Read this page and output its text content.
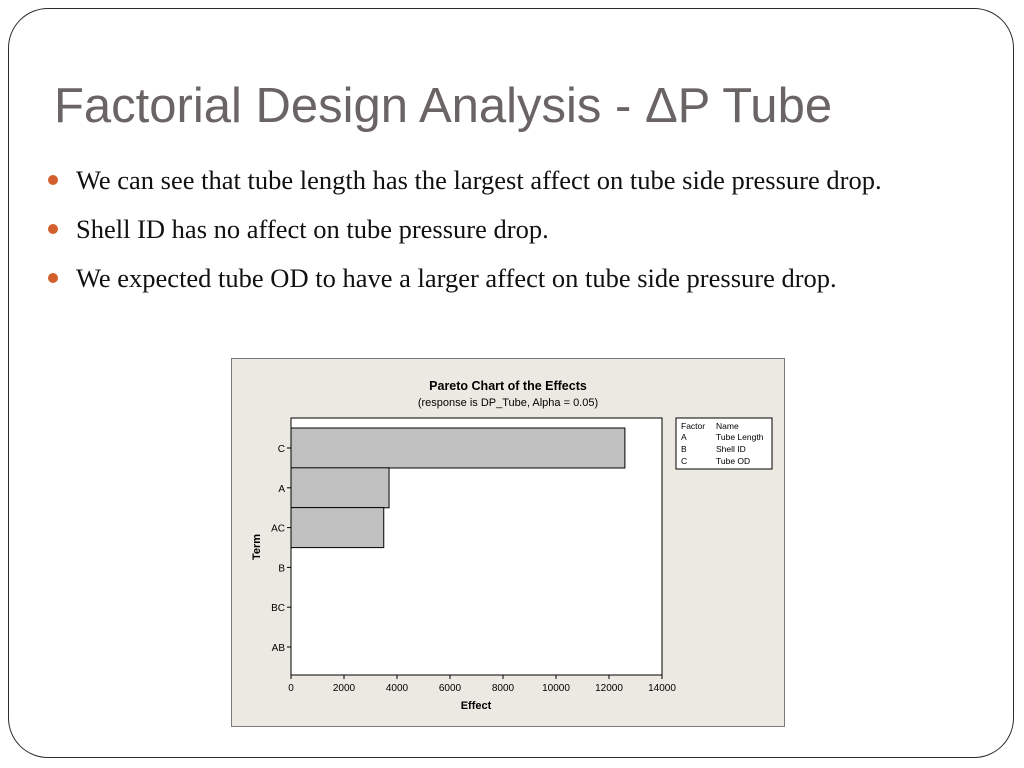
Factorial Design Analysis - ΔP Tube
We can see that tube length has the largest affect on tube side pressure drop.
Shell ID has no affect on tube pressure drop.
We expected tube OD to have a larger affect on tube side pressure drop.
Pareto Chart of the Effects
(response is DP_Tube, Alpha = 0.05)
C
A
AC
B
BC
AB
0	2000	4000	6000	8000	10000	12000	14000
Effect
Term
Factor Name
A	Tube Length
B	Shell ID
C	Tube OD
